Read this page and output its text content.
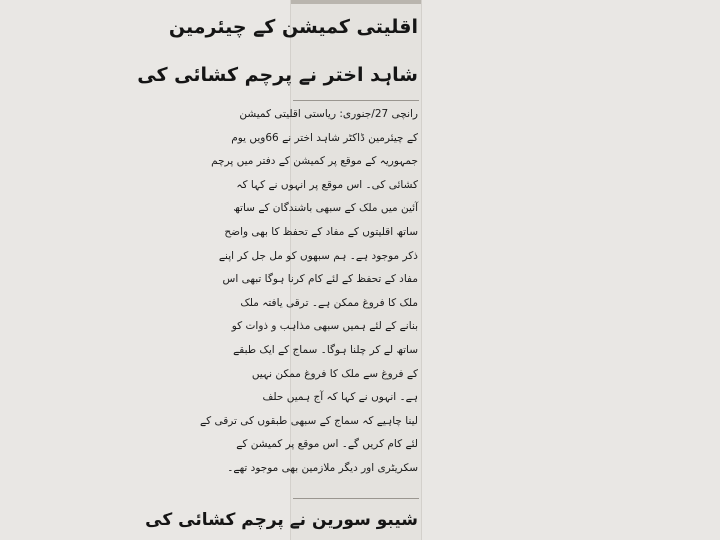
اقلیتی کمیشن کے چیئرمین
شاہد اختر نے پرچم کشائی کی
رانچی 27/جنوری: ریاستی اقلیتی کمیشن
کے چیئرمین ڈاکٹر شاہد اختر نے 66ویں یوم
جمہوریہ کے موقع پر کمیشن کے دفتر میں پرچم
کشائی کی۔ اس موقع پر انہوں نے کہا کہ
آئین میں ملک کے سبھی باشندگان کے ساتھ
ساتھ اقلیتوں کے مفاد کے تحفظ کا بھی واضح
ذکر موجود ہے۔ ہم سبھوں کو مل جل کر اپنے
مفاد کے تحفظ کے لئے کام کرنا ہوگا تبھی اس
ملک کا فروغ ممکن ہے۔ ترقی یافتہ ملک
بنانے کے لئے ہمیں سبھی مذاہب و ذوات کو
ساتھ لے کر چلنا ہوگا۔ سماج کے ایک طبقے
کے فروغ سے ملک کا فروغ ممکن نہیں
ہے۔ انہوں نے کہا کہ آج ہمیں حلف
لینا چاہیے کہ سماج کے سبھی طبقوں کی ترقی کے
لئے کام کریں گے۔ اس موقع پر کمیشن کے
سکریٹری اور دیگر ملازمین بھی موجود تھے۔
شیبو سورین نے پرچم کشائی کی
